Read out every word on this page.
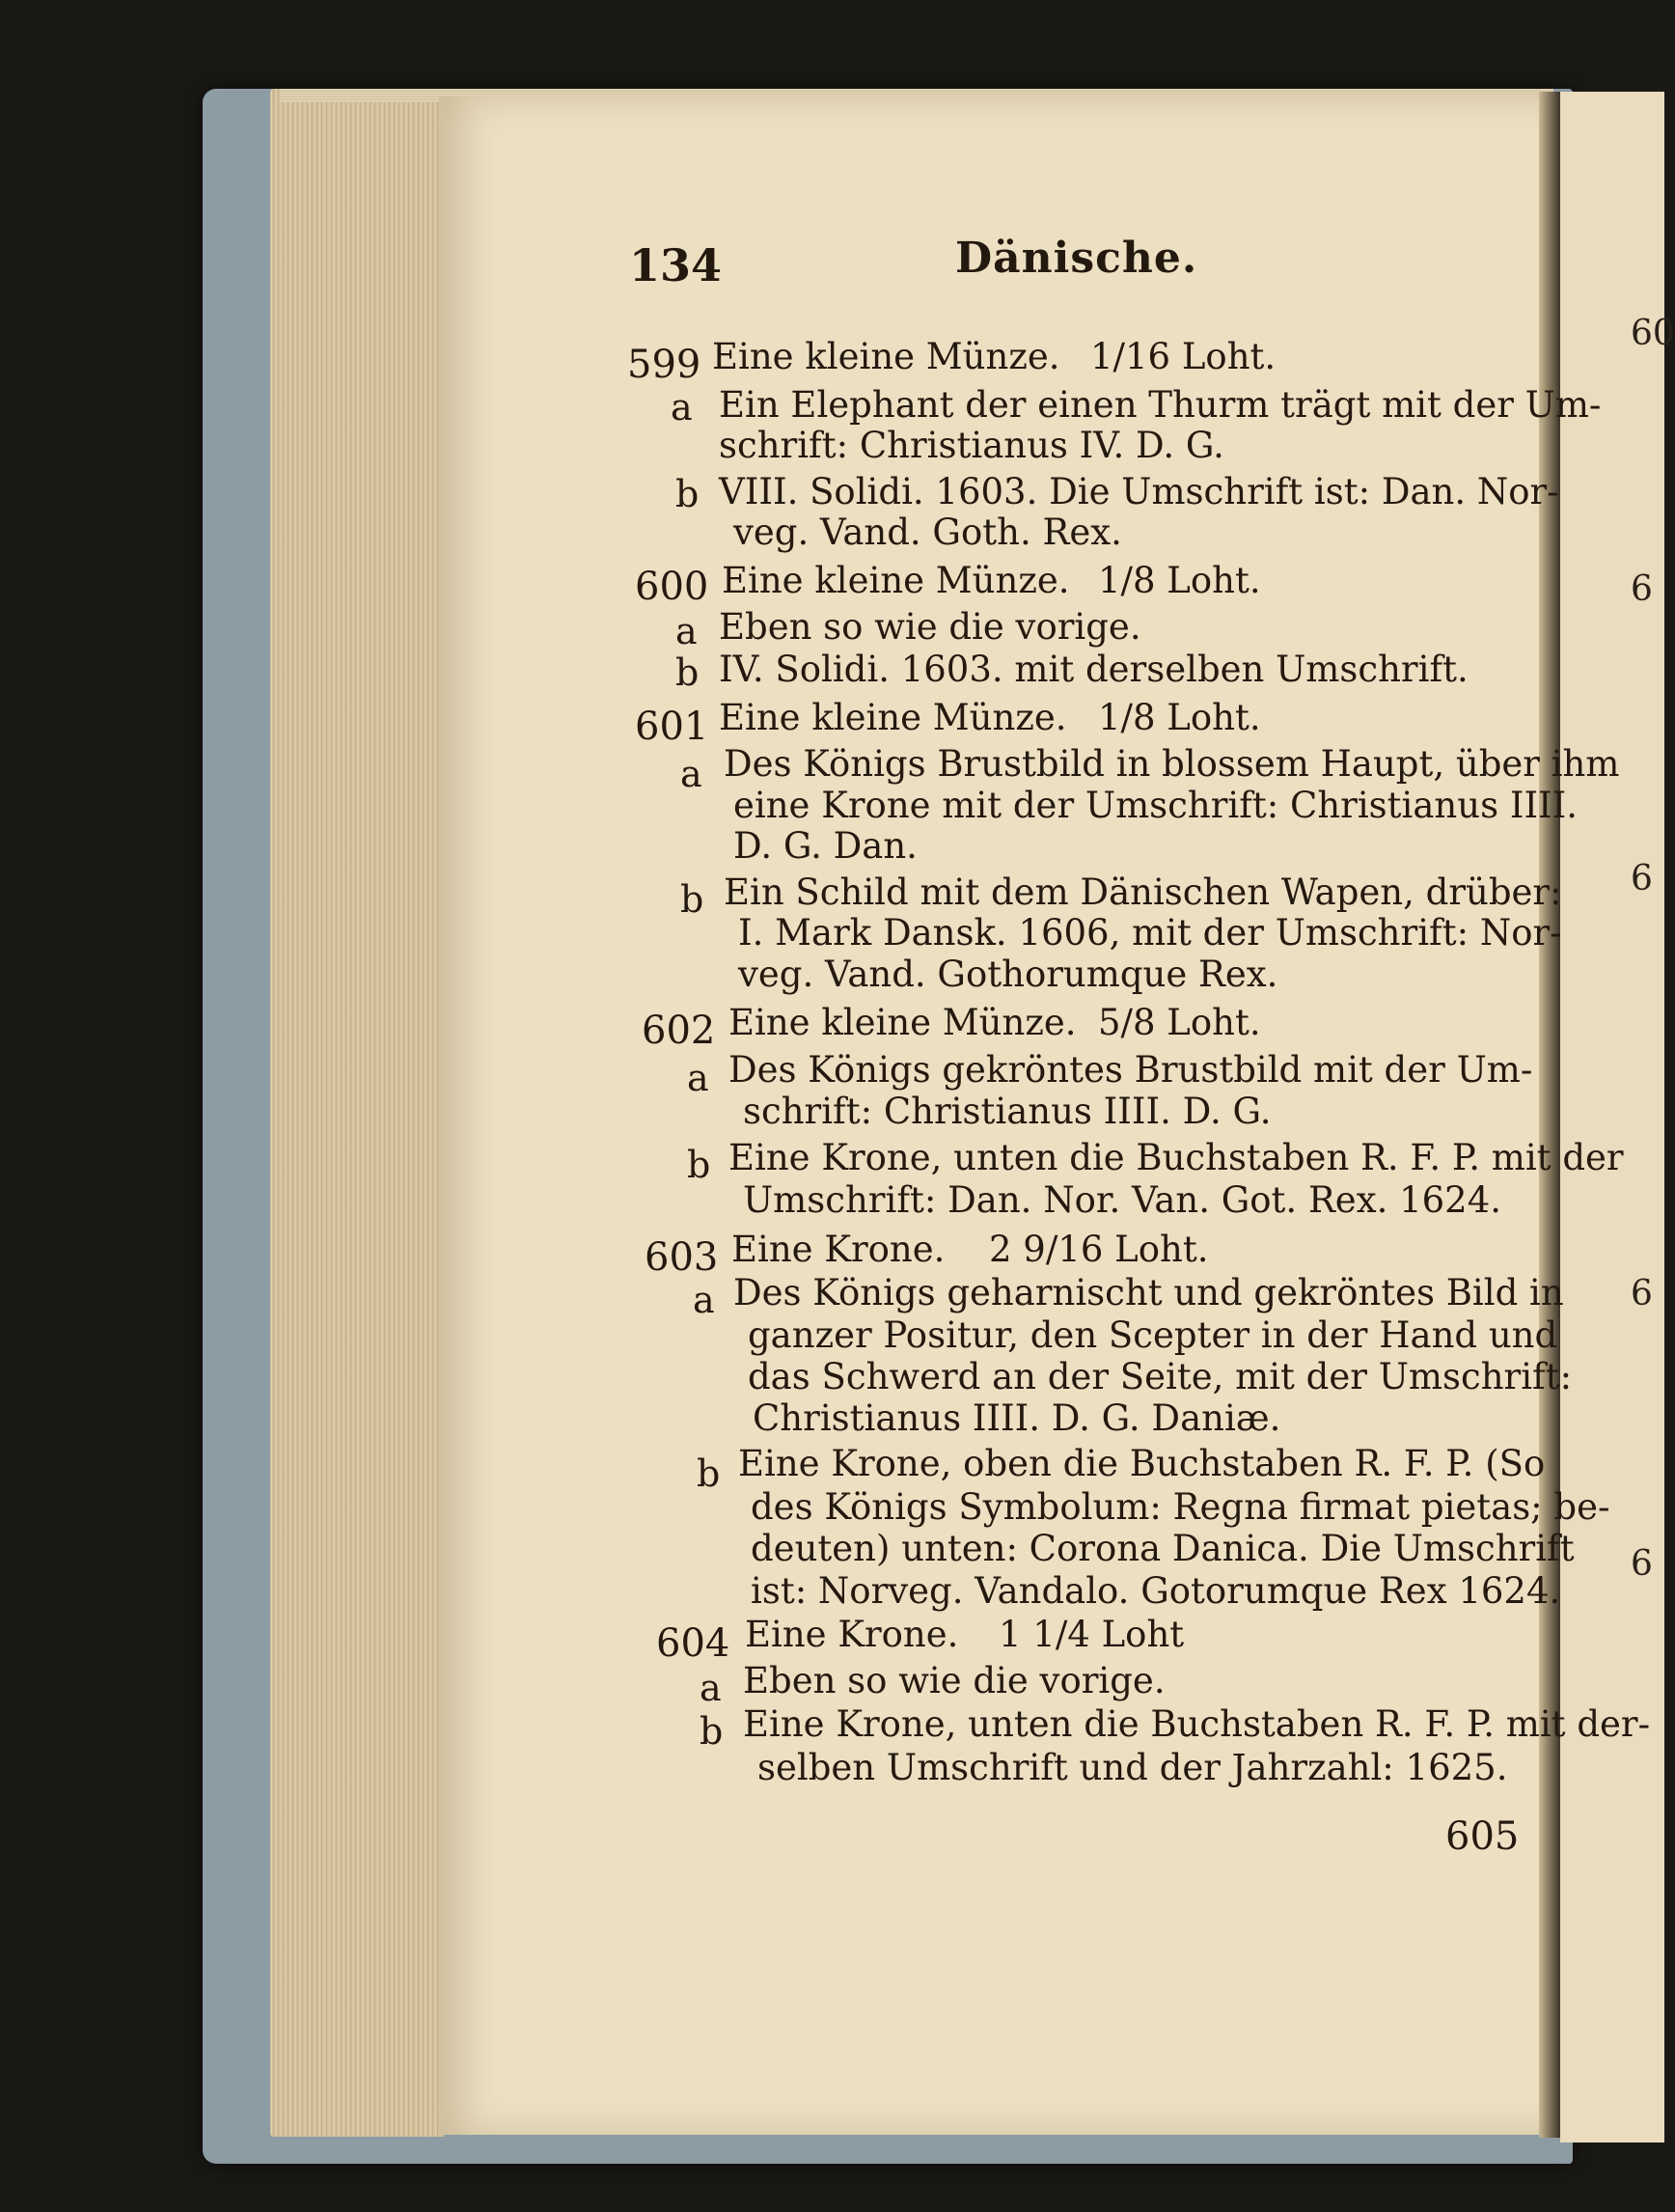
60
6
6
6
6
134	Dänische.
599 Eine kleine Münze. 1/16 Loht.
a Ein Elephant der einen Thurm trägt mit der Um-
schrift: Christianus IV. D. G.
b VIII. Solidi. 1603. Die Umschrift ist: Dan. Nor-
veg. Vand. Goth. Rex.
600 Eine kleine Münze. 1/8 Loht.
a Eben so wie die vorige.
b IV. Solidi. 1603. mit derselben Umschrift.
601 Eine kleine Münze. 1/8 Loht.
a Des Königs Brustbild in blossem Haupt, über ihm
eine Krone mit der Umschrift: Christianus IIII.
D. G. Dan.
b Ein Schild mit dem Dänischen Wapen, drüber:
I. Mark Dansk. 1606, mit der Umschrift: Nor-
veg. Vand. Gothorumque Rex.
602 Eine kleine Münze. 5/8 Loht.
a Des Königs gekröntes Brustbild mit der Um-
schrift: Christianus IIII. D. G.
b Eine Krone, unten die Buchstaben R. F. P. mit der
Umschrift: Dan. Nor. Van. Got. Rex. 1624.
603 Eine Krone. 2 9/16 Loht.
a Des Königs geharnischt und gekröntes Bild in
ganzer Positur, den Scepter in der Hand und
das Schwerd an der Seite, mit der Umschrift:
Christianus IIII. D. G. Daniæ.
b Eine Krone, oben die Buchstaben R. F. P. (So
des Königs Symbolum: Regna firmat pietas; be-
deuten) unten: Corona Danica. Die Umschrift
ist: Norveg. Vandalo. Gotorumque Rex 1624.
604 Eine Krone. 1 1/4 Loht
a Eben so wie die vorige.
b Eine Krone, unten die Buchstaben R. F. P. mit der-
selben Umschrift und der Jahrzahl: 1625.
605
